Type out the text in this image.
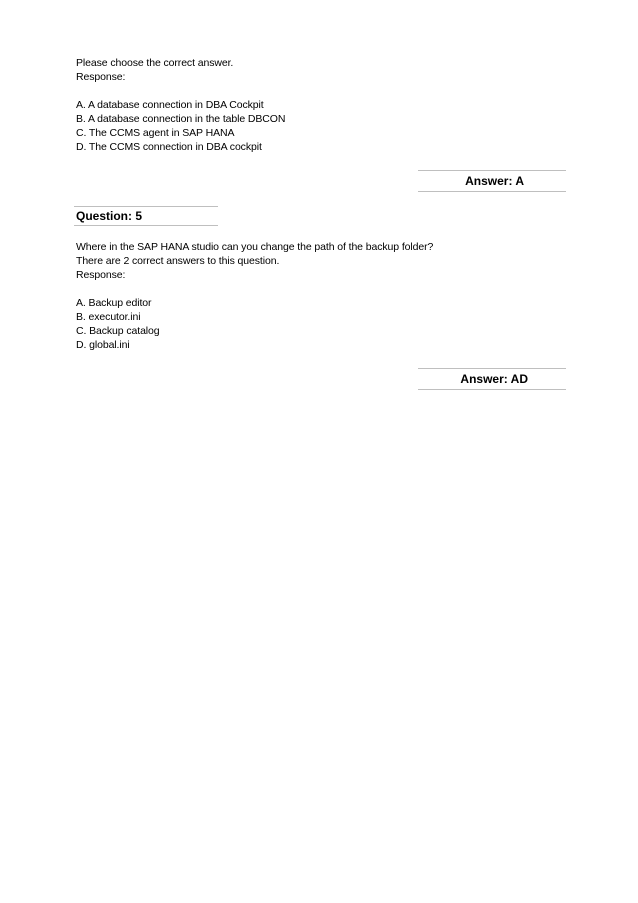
Please choose the correct answer.
Response:
A. A database connection in DBA Cockpit
B. A database connection in the table DBCON
C. The CCMS agent in SAP HANA
D. The CCMS connection in DBA cockpit
Answer: A
Question: 5
Where in the SAP HANA studio can you change the path of the backup folder?
There are 2 correct answers to this question.
Response:
A. Backup editor
B. executor.ini
C. Backup catalog
D. global.ini
Answer: AD
